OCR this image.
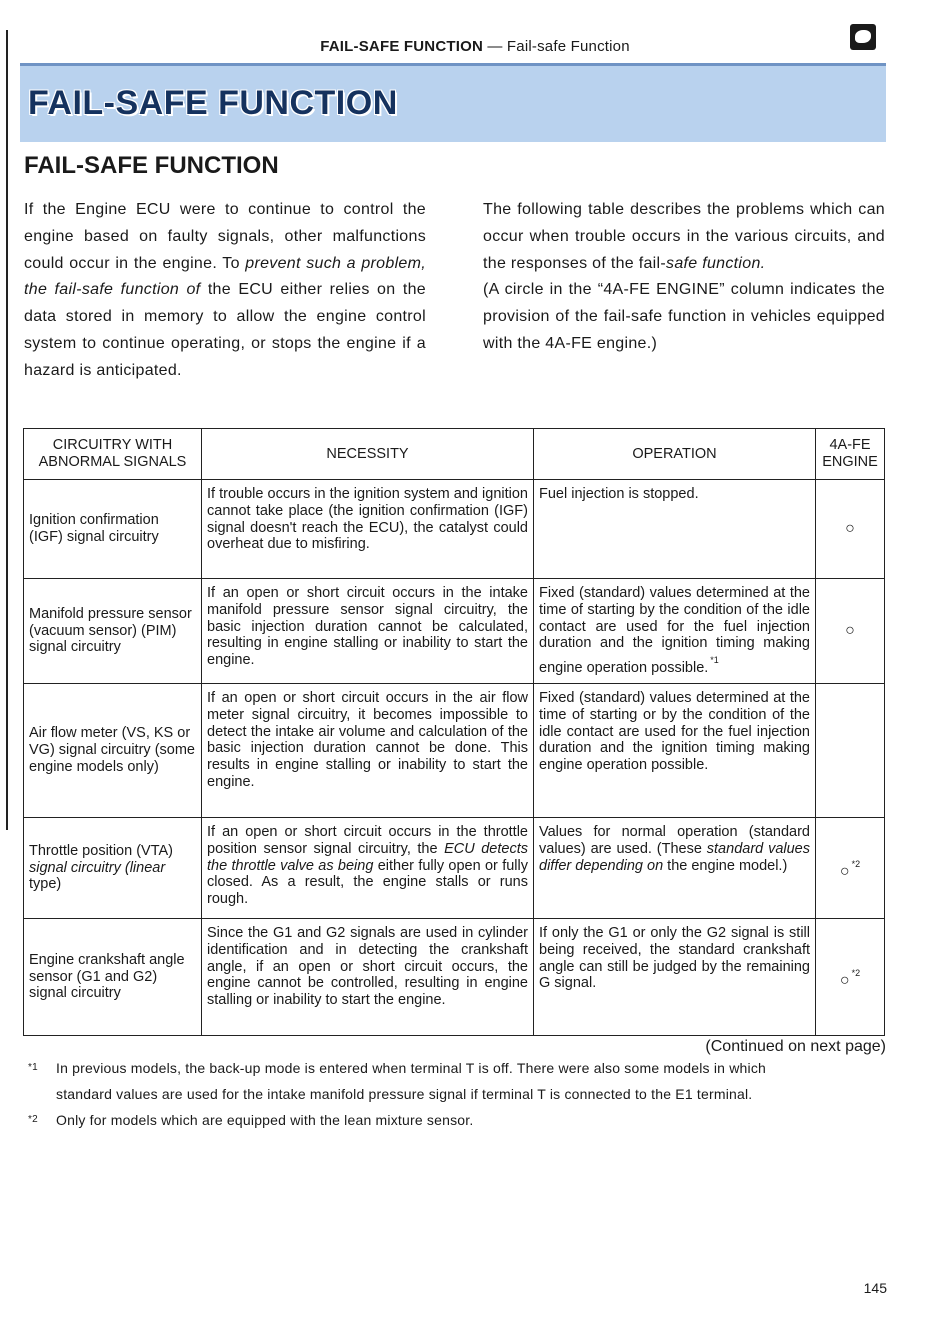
FAIL-SAFE FUNCTION — Fail-safe Function
FAIL-SAFE FUNCTION
FAIL-SAFE FUNCTION

If the Engine ECU were to continue to control the engine based on faulty signals, other malfunctions could occur in the engine. To prevent such a problem, the fail-safe function of the ECU either relies on the data stored in memory to allow the engine control system to continue operating, or stops the engine if a hazard is anticipated.

The following table describes the problems which can occur when trouble occurs in the various circuits, and the responses of the fail-safe function.

(A circle in the “4A-FE ENGINE” column indicates the provision of the fail-safe function in vehicles equipped with the 4A-FE engine.)

CIRCUITRY WITH ABNORMAL SIGNALS	NECESSITY	OPERATION	4A-FE ENGINE
Ignition confirmation (IGF) signal circuitry	If trouble occurs in the ignition system and ignition cannot take place (the ignition confirmation (IGF) signal doesn't reach the ECU), the catalyst could overheat due to misfiring.	Fuel injection is stopped.	○
Manifold pressure sensor (vacuum sensor) (PIM) signal circuitry	If an open or short circuit occurs in the intake manifold pressure sensor signal circuitry, the basic injection duration cannot be calculated, resulting in engine stalling or inability to start the engine.	Fixed (standard) values determined at the time of starting by the condition of the idle contact are used for the fuel injection duration and the ignition timing making engine operation possible. $^{*1}$	○
Air flow meter (VS, KS or VG) signal circuitry (some engine models only)	If an open or short circuit occurs in the air flow meter signal circuitry, it becomes impossible to detect the intake air volume and calculation of the basic injection duration cannot be done. This results in engine stalling or inability to start the engine.	Fixed (standard) values determined at the time of starting or by the condition of the idle contact are used for the fuel injection duration and the ignition timing making engine operation possible.	
Throttle position (VTA) signal circuitry (linear type)	If an open or short circuit occurs in the throttle position sensor signal circuitry, the ECU detects the throttle valve as being either fully open or fully closed. As a result, the engine stalls or runs rough.	Values for normal operation (standard values) are used. (These standard values differ depending on the engine model.)	○ $^{*2}$
Engine crankshaft angle sensor (G1 and G2) signal circuitry	Since the G1 and G2 signals are used in cylinder identification and in detecting the crankshaft angle, if an open or short circuit occurs, the engine cannot be controlled, resulting in engine stalling or inability to start the engine.	If only the G1 or only the G2 signal is still being received, the standard crankshaft angle can still be judged by the remaining G signal.	○ $^{*2}$
(Continued on next page)
*1 In previous models, the back-up mode is entered when terminal T is off. There were also some models in which
standard values are used for the intake manifold pressure signal if terminal T is connected to the E1 terminal.
*2 Only for models which are equipped with the lean mixture sensor.
145
